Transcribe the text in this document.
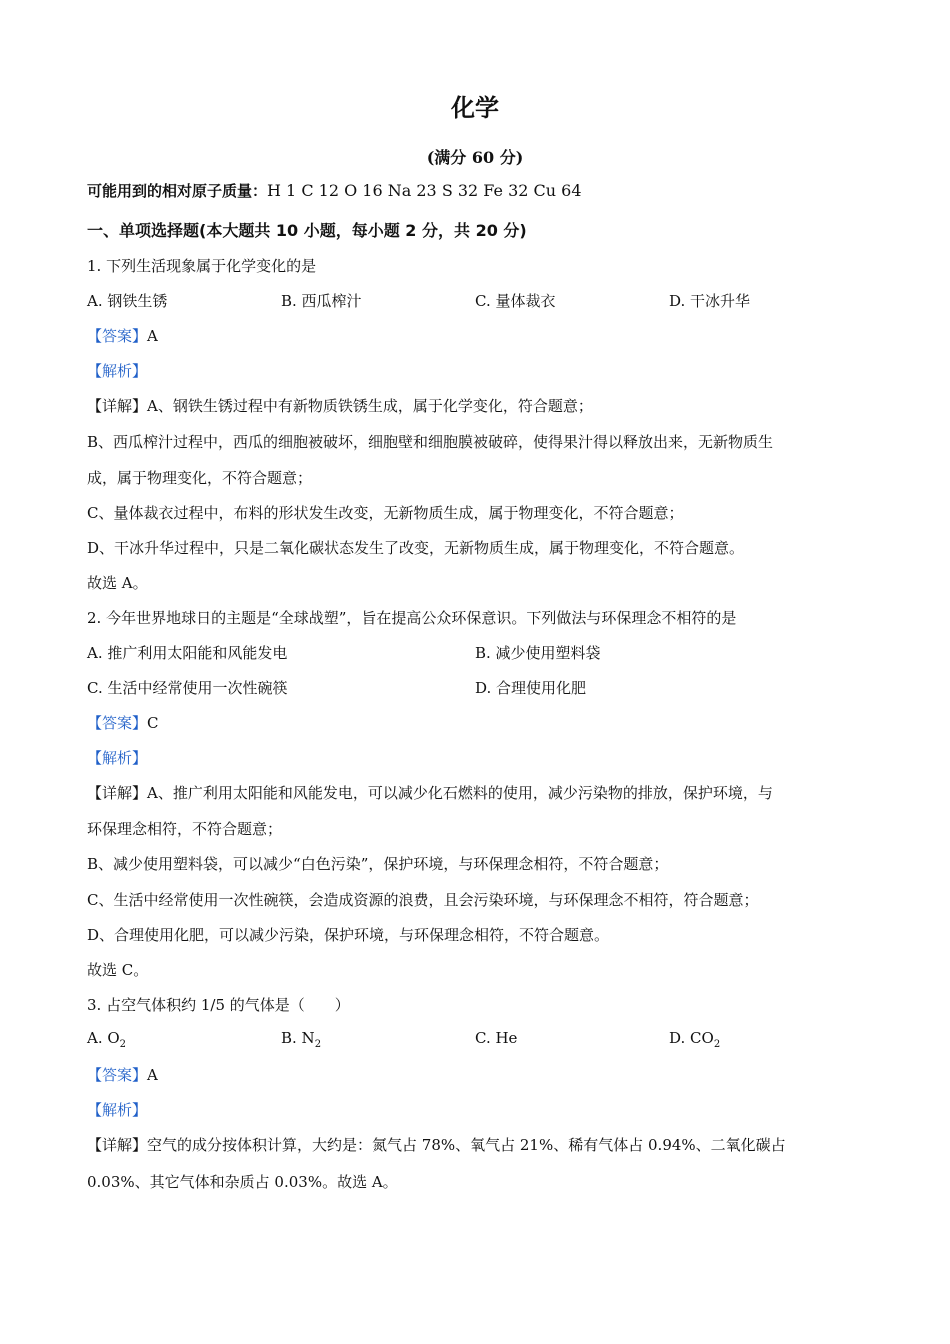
化学
(满分 60 分)
可能用到的相对原子质量：H 1 C 12 O 16 Na 23 S 32 Fe 32 Cu 64
一、单项选择题(本大题共 10 小题，每小题 2 分，共 20 分)
1. 下列生活现象属于化学变化的是
A. 钢铁生锈	B. 西瓜榨汁	C. 量体裁衣	D. 干冰升华
【答案】A
【解析】
【详解】A、钢铁生锈过程中有新物质铁锈生成，属于化学变化，符合题意；
B、西瓜榨汁过程中，西瓜的细胞被破坏，细胞壁和细胞膜被破碎，使得果汁得以释放出来，无新物质生
成，属于物理变化，不符合题意；
C、量体裁衣过程中，布料的形状发生改变，无新物质生成，属于物理变化，不符合题意；
D、干冰升华过程中，只是二氧化碳状态发生了改变，无新物质生成，属于物理变化，不符合题意。
故选 A。
2. 今年世界地球日的主题是“全球战塑”，旨在提高公众环保意识。下列做法与环保理念不相符的是
A. 推广利用太阳能和风能发电	B. 减少使用塑料袋
C. 生活中经常使用一次性碗筷	D. 合理使用化肥
【答案】C
【解析】
【详解】A、推广利用太阳能和风能发电，可以减少化石燃料的使用，减少污染物的排放，保护环境，与
环保理念相符，不符合题意；
B、减少使用塑料袋，可以减少“白色污染”，保护环境，与环保理念相符，不符合题意；
C、生活中经常使用一次性碗筷，会造成资源的浪费，且会污染环境，与环保理念不相符，符合题意；
D、合理使用化肥，可以减少污染，保护环境，与环保理念相符，不符合题意。
故选 C。
3. 占空气体积约 1/5 的气体是（　　）
A. $O_2$	B. $N_2$	C. He	D. $CO_2$
【答案】A
【解析】
【详解】空气的成分按体积计算，大约是：氮气占 78%、氧气占 21%、稀有气体占 0.94%、二氧化碳占
0.03%、其它气体和杂质占 0.03%。故选 A。
